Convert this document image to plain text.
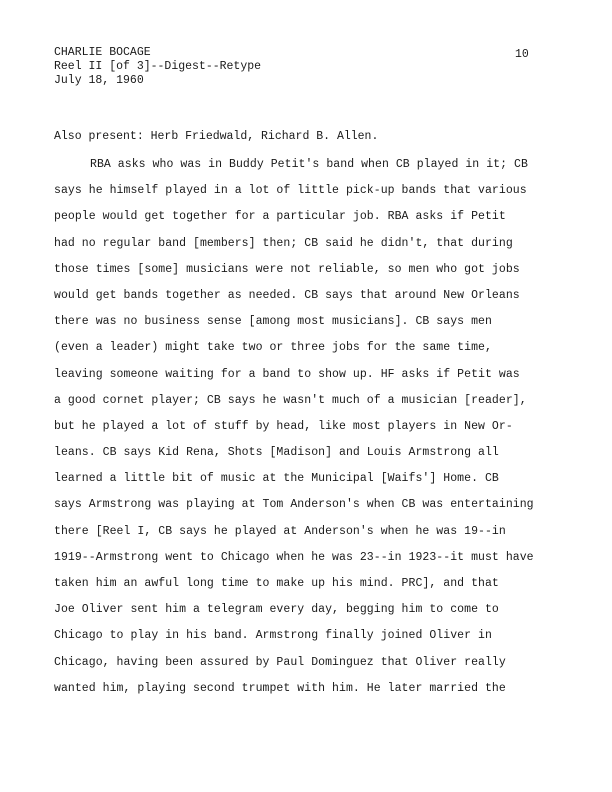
CHARLIE BOCAGE
Reel II [of 3]--Digest--Retype
July 18, 1960
10
Also present: Herb Friedwald, Richard B. Allen.
RBA asks who was in Buddy Petit's band when CB played in it; CB
says he himself played in a lot of little pick-up bands that various
people would get together for a particular job. RBA asks if Petit
had no regular band [members] then; CB said he didn't, that during
those times [some] musicians were not reliable, so men who got jobs
would get bands together as needed. CB says that around New Orleans
there was no business sense [among most musicians]. CB says men
(even a leader) might take two or three jobs for the same time,
leaving someone waiting for a band to show up. HF asks if Petit was
a good cornet player; CB says he wasn't much of a musician [reader],
but he played a lot of stuff by head, like most players in New Or-
leans. CB says Kid Rena, Shots [Madison] and Louis Armstrong all
learned a little bit of music at the Municipal [Waifs'] Home. CB
says Armstrong was playing at Tom Anderson's when CB was entertaining
there [Reel I, CB says he played at Anderson's when he was 19--in
1919--Armstrong went to Chicago when he was 23--in 1923--it must have
taken him an awful long time to make up his mind. PRC], and that
Joe Oliver sent him a telegram every day, begging him to come to
Chicago to play in his band. Armstrong finally joined Oliver in
Chicago, having been assured by Paul Dominguez that Oliver really
wanted him, playing second trumpet with him. He later married the
